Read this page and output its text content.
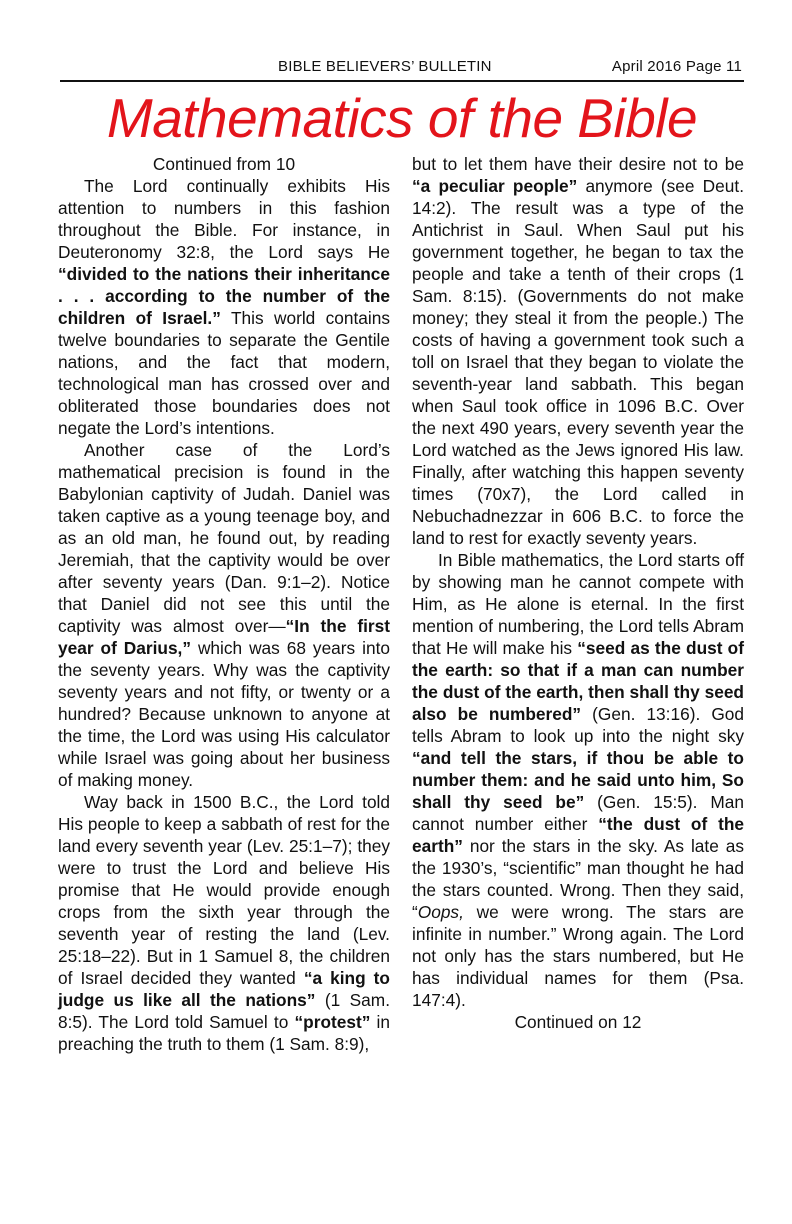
BIBLE BELIEVERS’ BULLETIN	April 2016 Page 11
Mathematics of the Bible

Continued from 10

The Lord continually exhibits His attention to numbers in this fashion throughout the Bible. For instance, in Deuteronomy 32:8, the Lord says He “divided to the nations their inheritance . . . according to the number of the children of Israel.” This world contains twelve boundaries to separate the Gentile nations, and the fact that modern, technological man has crossed over and obliterated those boundaries does not negate the Lord’s intentions.

Another case of the Lord’s mathematical precision is found in the Babylonian captivity of Judah. Daniel was taken captive as a young teenage boy, and as an old man, he found out, by reading Jeremiah, that the captivity would be over after seventy years (Dan. 9:1–2). Notice that Daniel did not see this until the captivity was almost over—“In the first year of Darius,” which was 68 years into the seventy years. Why was the captivity seventy years and not fifty, or twenty or a hundred? Because unknown to anyone at the time, the Lord was using His calculator while Israel was going about her business of making money.

Way back in 1500 B.C., the Lord told His people to keep a sabbath of rest for the land every seventh year (Lev. 25:1–7); they were to trust the Lord and believe His promise that He would provide enough crops from the sixth year through the seventh year of resting the land (Lev. 25:18–22). But in 1 Samuel 8, the children of Israel decided they wanted “a king to judge us like all the nations” (1 Sam. 8:5). The Lord told Samuel to “protest” in preaching the truth to them (1 Sam. 8:9),

but to let them have their desire not to be “a peculiar people” anymore (see Deut. 14:2). The result was a type of the Antichrist in Saul. When Saul put his government together, he began to tax the people and take a tenth of their crops (1 Sam. 8:15). (Governments do not make money; they steal it from the people.) The costs of having a government took such a toll on Israel that they began to violate the seventh-year land sabbath. This began when Saul took office in 1096 B.C. Over the next 490 years, every seventh year the Lord watched as the Jews ignored His law. Finally, after watching this happen seventy times (70x7), the Lord called in Nebuchadnezzar in 606 B.C. to force the land to rest for exactly seventy years.

In Bible mathematics, the Lord starts off by showing man he cannot compete with Him, as He alone is eternal. In the first mention of numbering, the Lord tells Abram that He will make his “seed as the dust of the earth: so that if a man can number the dust of the earth, then shall thy seed also be numbered” (Gen. 13:16). God tells Abram to look up into the night sky “and tell the stars, if thou be able to number them: and he said unto him, So shall thy seed be” (Gen. 15:5). Man cannot number either “the dust of the earth” nor the stars in the sky. As late as the 1930’s, “scientific” man thought he had the stars counted. Wrong. Then they said, “Oops, we were wrong. The stars are infinite in number.” Wrong again. The Lord not only has the stars numbered, but He has individual names for them (Psa. 147:4).

Continued on 12
